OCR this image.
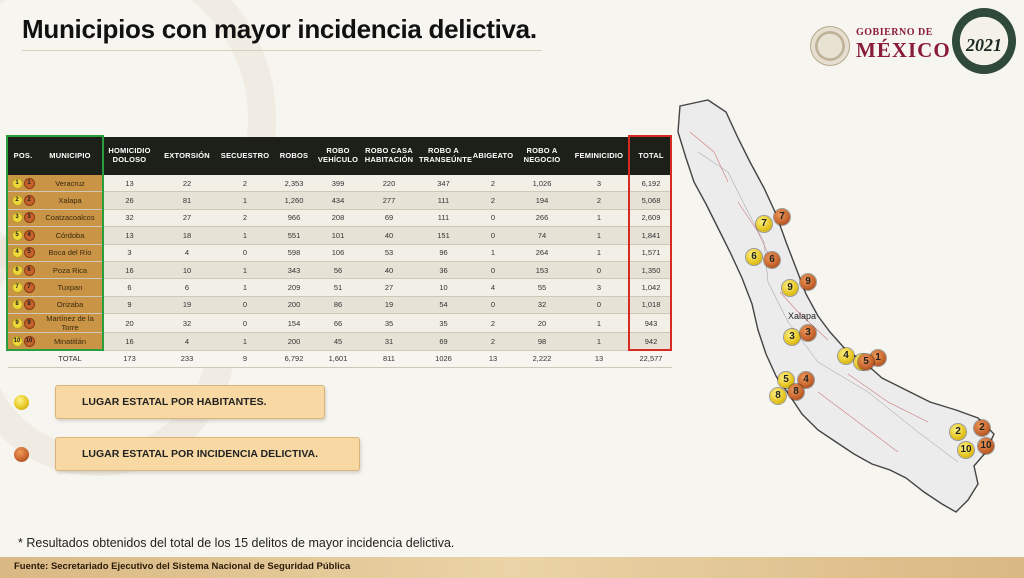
Municipios con mayor incidencia delictiva.	GOBIERNO DE
MÉXICO 2021
POS.	MUNICIPIO	HOMICIDIO DOLOSO	EXTORSIÓN	SECUESTRO	ROBOS	ROBO VEHÍCULO	ROBO CASA HABITACIÓN	ROBO A TRANSEÚNTE	ABIGEATO	ROBO A NEGOCIO	FEMINICIDIO	TOTAL
1 1	Veracruz	13	22	2	2,353	399	220	347	2	1,026	3	6,192
2 2	Xalapa	26	81	1	1,260	434	277	111	2	194	2	5,068
3 3	Coatzacoalcos	32	27	2	966	208	69	111	0	266	1	2,609
5 4	Córdoba	13	18	1	551	101	40	151	0	74	1	1,841
4 5	Boca del Río	3	4	0	598	106	53	96	1	264	1	1,571
6 6	Poza Rica	16	10	1	343	56	40	36	0	153	0	1,350
7 7	Tuxpan	6	6	1	209	51	27	10	4	55	3	1,042
8 8	Orizaba	9	19	0	200	86	19	54	0	32	0	1,018
9 9	Martínez de la Torre	20	32	0	154	66	35	35	2	20	1	943
10 10	Minatitlán	16	4	1	200	45	31	69	2	98	1	942
	TOTAL	173	233	9	6,792	1,601	811	1026	13	2,222	13	22,577
LUGAR ESTATAL POR HABITANTES.
LUGAR ESTATAL POR INCIDENCIA DELICTIVA.
* Resultados obtenidos del total de los 15 delitos de mayor incidencia delictiva.
Fuente: Secretariado Ejecutivo del Sistema Nacional de Seguridad Pública
Xalapa
7
7
6	6
9
9
3	3
1
4
5
5	4
8	8
2	2
10 10
